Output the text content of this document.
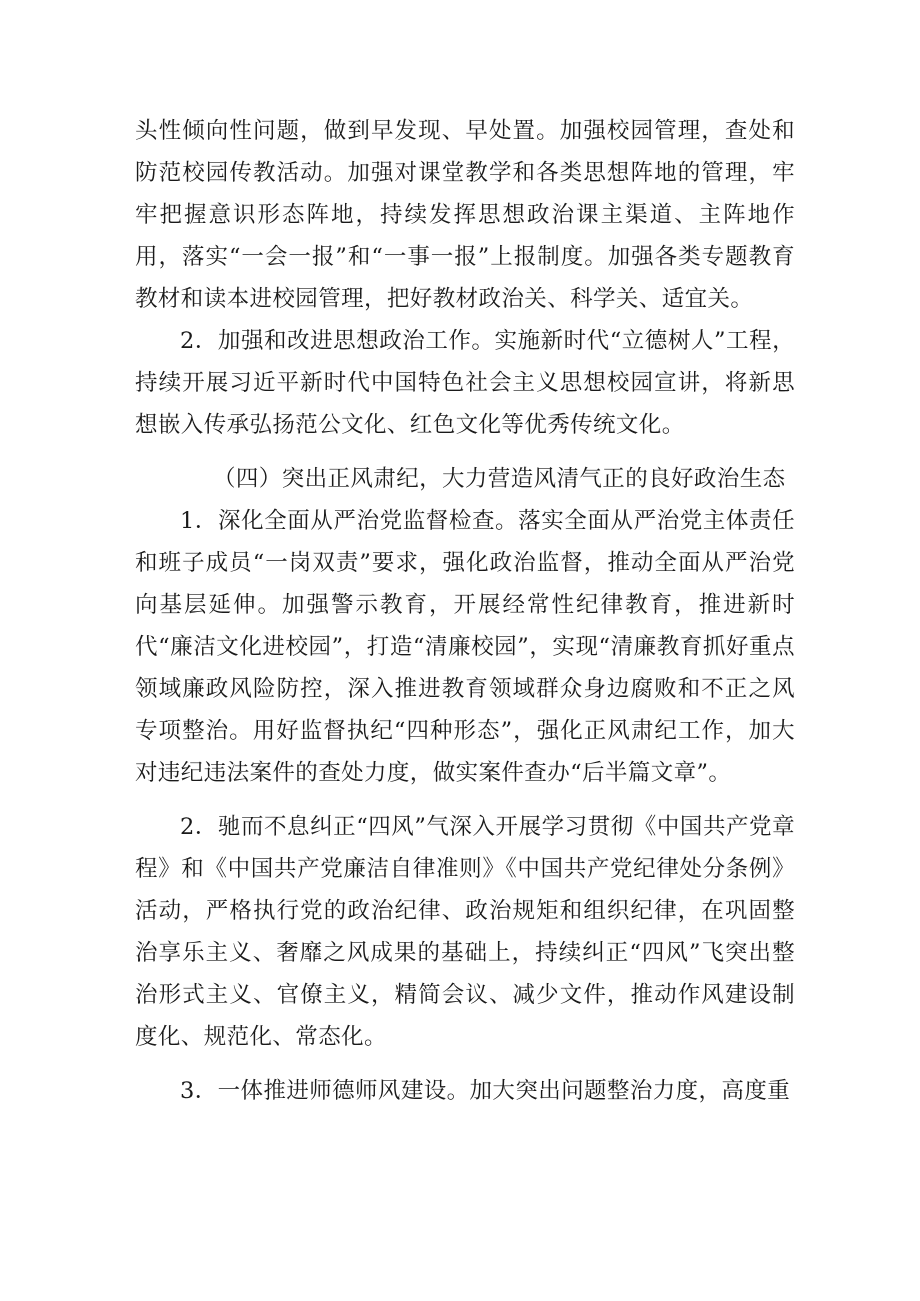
头性倾向性问题，做到早发现、早处置。加强校园管理，查处和防范校园传教活动。加强对课堂教学和各类思想阵地的管理，牢牢把握意识形态阵地，持续发挥思想政治课主渠道、主阵地作用，落实“一会一报”和“一事一报”上报制度。加强各类专题教育教材和读本进校园管理，把好教材政治关、科学关、适宜关。

2．加强和改进思想政治工作。实施新时代“立德树人”工程，持续开展习近平新时代中国特色社会主义思想校园宣讲，将新思想嵌入传承弘扬范公文化、红色文化等优秀传统文化。

（四）突出正风肃纪，大力营造风清气正的良好政治生态

1．深化全面从严治党监督检查。落实全面从严治党主体责任和班子成员“一岗双责”要求，强化政治监督，推动全面从严治党向基层延伸。加强警示教育，开展经常性纪律教育，推进新时代“廉洁文化进校园”，打造“清廉校园”，实现“清廉教育抓好重点领域廉政风险防控，深入推进教育领域群众身边腐败和不正之风专项整治。用好监督执纪“四种形态”，强化正风肃纪工作，加大对违纪违法案件的查处力度，做实案件查办“后半篇文章”。

2．驰而不息纠正“四风”气深入开展学习贯彻《中国共产党章程》和《中国共产党廉洁自律准则》《中国共产党纪律处分条例》活动，严格执行党的政治纪律、政治规矩和组织纪律，在巩固整治享乐主义、奢靡之风成果的基础上，持续纠正“四风”飞突出整治形式主义、官僚主义，精简会议、减少文件，推动作风建设制度化、规范化、常态化。

3．一体推进师德师风建设。加大突出问题整治力度，高度重
